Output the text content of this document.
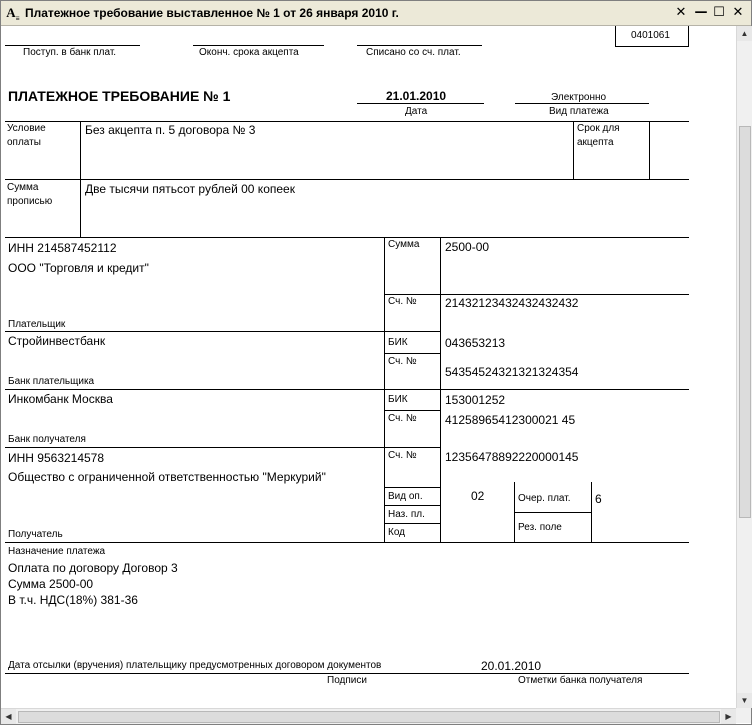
$A_\equiv$ Платежное требование выставленное № 1 от 26 января 2010 г.	✕ — ☐ ✕
0401061
Поступ. в банк плат.	Оконч. срока акцепта	Списано со сч. плат.
ПЛАТЕЖНОЕ ТРЕБОВАНИЕ № 1	21.01.2010
Дата
Электронно
Вид платежа
Условие
оплаты
Без акцепта п. 5 договора № 3	Срок для
акцепта
Сумма
прописью
Две тысячи пятьсот рублей 00 копеек
ИНН 214587452112
ООО "Торговля и кредит"
Сумма 2500-00
Сч. № 21432123432432432432
Плательщик
Стройинвестбанк	БИК	043653213
Сч. №
54354524321321324354
Банк плательщика
Инкомбанк Москва	БИК	153001252
Сч. № 41258965412300021 45
Банк получателя
ИНН 9563214578
Общество с ограниченной ответственностью "Меркурий"
Сч. № 12356478892220000145
Получатель
Вид оп.	02
Наз. пл.
Код
Очер. плат. 6
Рез. поле
Назначение платежа
Оплата по договору Договор 3
Сумма 2500-00
В т.ч. НДС(18%) 381-36
Дата отсылки (вручения) плательщику предусмотренных договором документов	20.01.2010
Подписи	Отметки банка получателя
▲
▼
◀	▶
